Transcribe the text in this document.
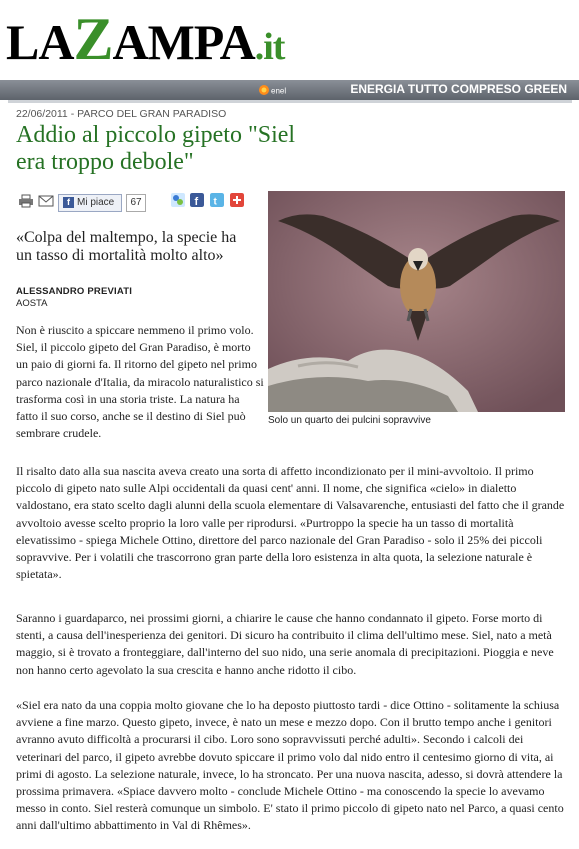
LAZAMPA.it
enel	ENERGIA TUTTO COMPRESO GREEN
22/06/2011 - PARCO DEL GRAN PARADISO
Addio al piccolo gipeto "Siel era troppo debole"
f Mi piace	67	f t
«Colpa del maltempo, la specie ha un tasso di mortalità molto alto»
ALESSANDRO PREVIATI
AOSTA
Solo un quarto dei pulcini sopravvive

Non è riuscito a spiccare nemmeno il primo volo. Siel, il piccolo gipeto del Gran Paradiso, è morto un paio di giorni fa. Il ritorno del gipeto nel primo parco nazionale d'Italia, da miracolo naturalistico si trasforma così in una storia triste. La natura ha fatto il suo corso, anche se il destino di Siel può sembrare crudele.

Il risalto dato alla sua nascita aveva creato una sorta di affetto incondizionato per il mini-avvoltoio. Il primo piccolo di gipeto nato sulle Alpi occidentali da quasi cent' anni. Il nome, che significa «cielo» in dialetto valdostano, era stato scelto dagli alunni della scuola elementare di Valsavarenche, entusiasti del fatto che il grande avvoltoio avesse scelto proprio la loro valle per riprodursi. «Purtroppo la specie ha un tasso di mortalità elevatissimo - spiega Michele Ottino, direttore del parco nazionale del Gran Paradiso - solo il 25% dei piccoli sopravvive. Per i volatili che trascorrono gran parte della loro esistenza in alta quota, la selezione naturale è spietata».

Saranno i guardaparco, nei prossimi giorni, a chiarire le cause che hanno condannato il gipeto. Forse morto di stenti, a causa dell'inesperienza dei genitori. Di sicuro ha contribuito il clima dell'ultimo mese. Siel, nato a metà maggio, si è trovato a fronteggiare, dall'interno del suo nido, una serie anomala di precipitazioni. Pioggia e neve non hanno certo agevolato la sua crescita e hanno anche ridotto il cibo.

«Siel era nato da una coppia molto giovane che lo ha deposto piuttosto tardi - dice Ottino - solitamente la schiusa avviene a fine marzo. Questo gipeto, invece, è nato un mese e mezzo dopo. Con il brutto tempo anche i genitori avranno avuto difficoltà a procurarsi il cibo. Loro sono sopravvissuti perché adulti». Secondo i calcoli dei veterinari del parco, il gipeto avrebbe dovuto spiccare il primo volo dal nido entro il centesimo giorno di vita, ai primi di agosto. La selezione naturale, invece, lo ha stroncato. Per una nuova nascita, adesso, si dovrà attendere la prossima primavera. «Spiace davvero molto - conclude Michele Ottino - ma conoscendo la specie lo avevamo messo in conto. Siel resterà comunque un simbolo. E' stato il primo piccolo di gipeto nato nel Parco, a quasi cento anni dall'ultimo abbattimento in Val di Rhêmes».
